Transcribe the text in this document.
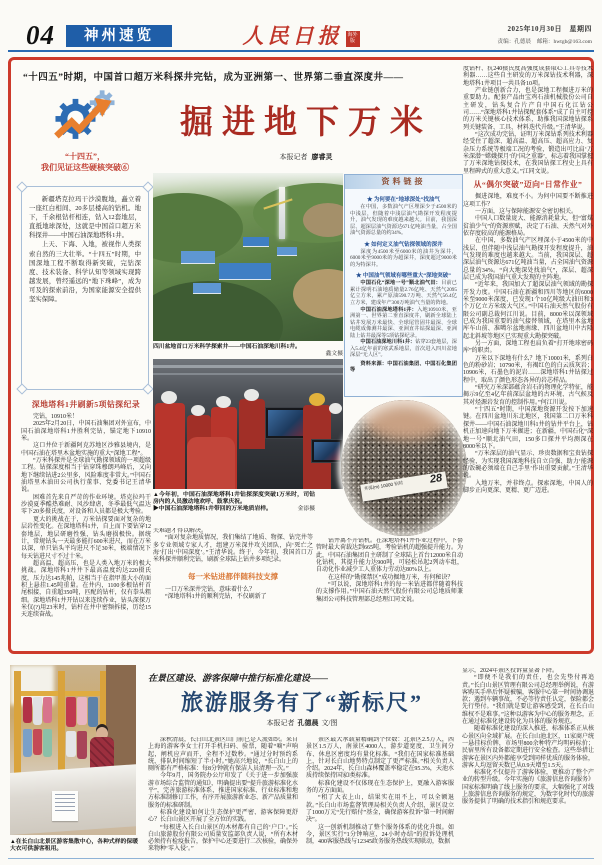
04	神州速览	人民日报 海外版
2025年10月30日　星期四
责编：孔德晨　邮箱：hwtgb@163.com
“十四五”时期，中国首口超万米科探井完钻，成为亚洲第一、世界第二垂直深度井——
“十四五”，
我们见证这些硬核突破⑥
掘进地下万米
本报记者 廖睿灵

新疆塔克拉玛干沙漠腹地，矗立着一座红白相间、20多层楼高的钻机。地下，千余根钻杆相连，钻入12套地层，直抵地球深处，这就是中国首口超万米科探井——中国石油深地塔科1井。

上天、下海、入地，被视作人类探索自然的三大壮举。“十四五”时期，中国深地工程不断取得新突破，完钻深度、技术装备、科学认知等领域实现跨越发展，曾经遥远的“地下珠峰”，成为可及的探索前沿，为国家能源安全提供坚实保障。

深地塔科1井刷新5项钻探纪录

完钻，10910米！

2025年2月20日，中国石油集团对外宣布，中国石油深地塔科1井胜利完钻，锚定地下10910米。

这口井位于新疆阿克苏地区沙雅县境内，是中国石油在塔里木盆地实施的重大“深地工程”。

“万米科探井是全球油气勘探领域的一项超级工程。钻探深度相当于钻穿珠穆朗玛峰后，又向地下继续钻进2公里多，风险难度非常大。”中国石油塔里木油田公司执行董事、党委书记王清华说。

困难首先来自严苛的作业环境。塔克拉玛干沙漠夏季酷热难耐、风沙肆虐，冬季最低气温达零下20多摄氏度，对设备和人员都是极大考验。

更大的挑战在于，万米钻探要面对复杂的地层岩性变化。在深地塔科1井，自上而下要钻穿12套地层，地层研磨性强，钻头磨损极快。据统计，常规钻头一天最多能打600米进尺，而在万米以深，单只钻头平均进尺不足30米，极端情况下每天钻进尺寸不过十米。

超高温、超高压，也是人类入地万米的极大挑战。深地塔科1井井下最高温度约达220摄氏度，压力达145兆帕，这相当于在指甲盖大小的面积上悬挂1.45吨重量。在井内，1100多根钻杆首尾相接，自重超350吨，匹配的钻杆，仅有拳头粗细。深地塔科1井开钻以来连续作业，钻头深探万米仅(?)用23米时，钻杆在井中密频拆接，历经15天连续奋战。

四川盆地首口万米科学探索井——中国石油深地川科1井。
鑫文摄
资料链接
★ 为何要在“地球深处”找油气

在中国，多数油气产区埋深少于4500米的中浅层，但随着中浅层油气勘探开发程度提升，油气发现的难度越来越大。目前，我国深层、超深层油气资源达671亿吨油当量，占全国油气资源总量的约34%。

★ 如何定义油气钻探领域的深井

深度为4500米至6000米的油井为深井，6000米至9000米的为超深井，深度超过9000米的为特深井。

★ 中国油气领域有哪些重大“深地突破”

中国石化“深地一号”顺北油气田：目前已累计探明石油地质储量2.76亿吨、天然气2095亿立方米，累产原油590.7万吨、天然气56.4亿立方米，建成年产300万吨油气当量的阵地。

中国石油深地塔科1井：入地10910米，亚洲第一、世界第二垂直深度井，刷新全球陆上钻井发展万米最快、全球尾管固井最深、全球电缆成像测井最深、亚洲直井钻探最深、亚洲陆上钻井最深等5项钻探纪录。

中国石油深地川科1井：钻穿23套地层，深入5.4亿年前的寒武系地层，首次进入四川盆地深层“无人区”。

资料来源：中国石油集团、中国石化集团等

井深(m) 10000 钻时 28
▲今年初，中国石油深地塔科1井钻探深度突破1万米时，司钻房内的人员激动地欢呼、鼓掌庆祝。
金添摄
▶中国石油深地塔科1井带回的万米地质岩样。

关难题才得以解决。

“面对复杂地质情况，我们集结了地质、物探、钻完井等多专业领域专家人才，组建万米深井攻关团队，向‘死亡之海’打出‘中国深度’。”王清华说。终于，今年初，我国首口万米科探井顺利完钻，刷新全球陆上钻井多项纪录。

每一米钻进都伴随科技支撑

一口万米深井完钻，意味着什么？

“深地塔科1井的顺利完钻，不仅刷新了

钻井离不开钻机。在深地塔科1井作业过程中，下套管时最大荷载达到665吨，考验钻机的超强提升能力。为此，中国石油集团自主研制了全球陆上首台12000米自动化钻机，其提升能力达900吨，可轻松吊起2列动车组，自动化作业减少工人重体力劳动达80%以上。

在这样的“勘探禁区”成功掘地万米，有何秘诀？

“可以说，深地塔科1井的每一米钻进都伴随着科技的支撑作用。”中国石油天然气股份有限公司总地质师兼集团公司科技管理部总经理江同文说。

度钻杆、抗240摄氏度高强度成套取心工具等技术利器……这些自主研发的万米深钻技术利器，深地塔科1井项目一共具备10项。

产业链创新合力，也是深地工程掘进万米的重要助力。配套产品由宝鸡石油机械股份公司自主研发，钻头复合片产自中国石化江钻公司……“深地塔科1井钻探配套体系”成了自主可控的万米关键核心技术体系，助推我国深地钻探系列关键装备、工具、材料迭代升级。”王清华说。

“这次成功完钻，证明万米深钻系列技术利器经受住了超深、超高温、超高压、超高应力、复杂压力系统等极端工况的考验，锻造出可比肩‘万米深潜’‘嫦娥探月’的‘国之重器’，标志着我国掌握了万米深地钻探技术，在我国钻探工程史上具有里程碑式的重大意义。”江同文说。

从“偶尔突破”迈向“日常作业”

掘进深地，难度不小。为何中国要不断推进这项工作？

一方面，这与保障能源安全密切相关。

中国人口数量庞大、能源消耗量大，但“富煤贫油少气”的资源禀赋，决定了石油、天然气对外依存度较高的能源格局。

在中国，多数油气产区埋深小于4500米的中浅层，但伴随中浅层油气勘探开发程度提升，油气发现的难度也越来越大。当前，我国深层、超深层油气资源达671亿吨油当量，占全国油气资源总量的34%。“向大地深处找油气”，深层、超深层已成为我国油气重大发现的主阵地。

“近年来，我国加大了超深层油气领域的勘探开发力度。中国石油在新疆和四川等地区的6000米至9000米深度，已发现1个10亿吨级大油田和3个万亿立方米级大气区。”中国石油天然气股份有限公司副总裁何江川说。目前，8000米以深领域已成为我国重要的油气接替领域，在塔里木盆地库车山前、准噶尔盆地南缘、四川盆地川中古隆起北斜坡等地区已实现重大勘探突破。

另一方面，深地工程也肩负着“打开地球密码库”的职责。

万米以下深地有什么？地下10001米，系列白色的粉砂岩；10790米，有褐红色的白云质灰岩；10906米，石墨色的泥岩……深地塔科1井钻探过程中，取出了颜色形态各异的岩芯样品。

“研究万米深部蕴含岩石的物理化学特征，能揭示9亿至4亿年前深层盆地的古环境、古气候及其对烃源岩发育的控制作用。”何江川说。

“十四五”时期，中国深地资源开发按下加速键。在四川盆地川东北地区，我国第二口万米科探井——中国石油深地川科1井的钻井平台上，钻机正加速向地下万米掘进；在新疆，中国石化“深地一号”顺北油气田，150多口探井平均测深在8000米以下。

“万米深层的油气显示、珍贵数据和宝贵钻探经验，为实现我国深地科技自立自强、助力‘能源的饭碗必须端在自己手里’作出重要贡献。”王清华说。

入地万米，并非终点。探索深地，中国人的脚步正向更深、更精、更广迈进。

▲在长白山北景区游客集散中心，各种式样的保暖大衣可供游客租用。
在景区建设、游客保障中推行标准化建设——
旅游服务有了“新标尺”
本报记者 孔德晨 文/图

深秋清晨，长白山北景区山门前已是人流如织。来自上海的游客李女士打开手机扫码、验票，随着“嘀”声响起，闸机应声而开，全程不过数秒。“通过分时预约系统，排队时间缩短了半小时。”她高兴地说，“长白山上的厕所都有严格标准：每8分钟就有保洁人员清理一次。”

今年9月，国务院办公厅印发了《关于进一步加强旅游市场综合监管的通知》，明确提出要“提升旅游标准化水平”，完善旅游标准体系，推进国家标准、行业标准和地方标准制修订工作，有序开展旅游新业态、新产品质量和服务的标准研制。

标准化建设如何让生态保护更严密、游客保障更舒心？长白山景区开展了全方位的实践。

“每根进入长白山景区的木材都有自己的‘户口’。”长白山旅游股份有限公司质量安监部负责人说，“所有木材必须持有检疫报告，保护中心还要进行二次核验，确保外来物种‘零入侵’。”

景区最大承载量精确到个位数：北景区2.5万人，西景区1.5万人，南景区4000人，游步道宽度、卫生间分布、休息区密度均有量化标准。“我们在国家标准基础上，针对长白山地势特点制定了更严标准。”相关负责人介绍。2024年，长白山森林覆盖率稳定在95.3%，天池水质持续保持国家Ⅰ类标准。

标准化建设不仅体现在生态保护上，更融入游客服务的方方面面。

“租了大衣上山，结果实在用不上，可以全额退款。”长白山市场监督管理局相关负责人介绍，景区设立了1000万元“先行赔付”基金，确保游客投诉“第一时间解决”。

这一创新机制推动了整个服务体系的优化升级。如今，景区实行“1分钟响应、24小时办结”的投诉处理机制，400客服热线与12345政务服务热线实现联动，数据

显示，2024年景区投诉量显著下降。

“即便不是我们的责任，也会先垫付再追责。”长白山景区管理有限公司总经理举例说，有游客购买手串后怀疑被骗，客服中心第一时间协调退款；遇到车辆事故，不必等待责任认定，保险都会先行垫付。“我们就是要让游客感受到，在长白山维权不是难事。”这种以游客为中心的服务理念，正在通过标准化建设转化为具体的服务规范。

随着标准化建设的深入推进，标准体系正从核心景区向全域扩展。在长白山池北区，11家商户统一悬挂标价牌，市场里800余种特产均明码标价；民宿里所有设备都定期进行安全检查。这些举措让游客在景区内外都能享受到同样优质的服务体验，游客人均逗留天数已从0.9天增至1.5天。

标准化不仅提升了游客体验，更推动了整个产业的转型升级。今年实施的《旅游信息咨询服务》国家标准明确了线上服务的要求，大幅强化了对线上旅游信息咨询服务的规定，为数字化时代的旅游服务提供了明确的技术指引和规范要求。
